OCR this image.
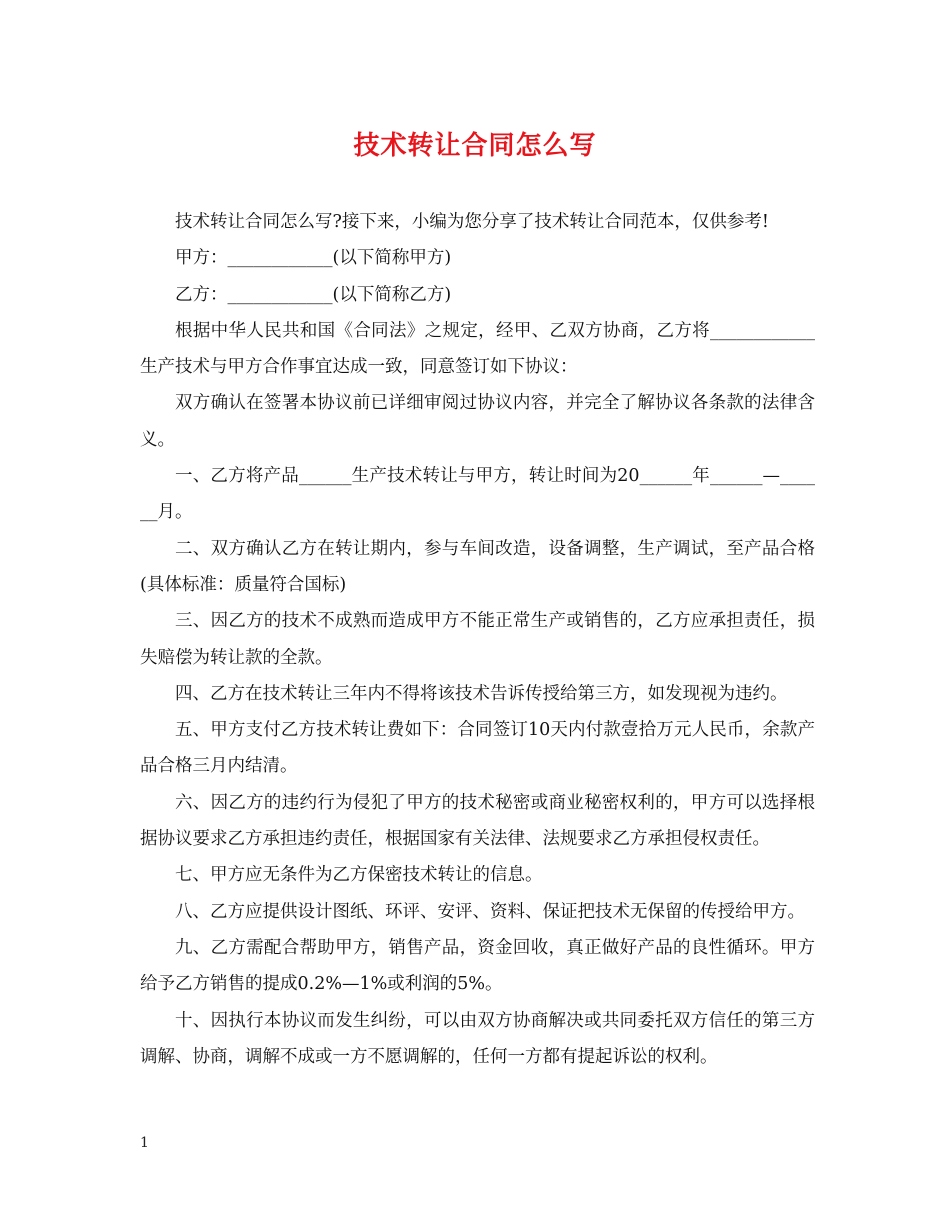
技术转让合同怎么写

技术转让合同怎么写?接下来，小编为您分享了技术转让合同范本，仅供参考!

甲方：____________(以下简称甲方)

乙方：____________(以下简称乙方)

根据中华人民共和国《合同法》之规定，经甲、乙双方协商，乙方将____________生产技术与甲方合作事宜达成一致，同意签订如下协议：

双方确认在签署本协议前已详细审阅过协议内容，并完全了解协议各条款的法律含义。

一、乙方将产品______生产技术转让与甲方，转让时间为20______年______—______月。

二、双方确认乙方在转让期内，参与车间改造，设备调整，生产调试，至产品合格(具体标准：质量符合国标)

三、因乙方的技术不成熟而造成甲方不能正常生产或销售的，乙方应承担责任，损失赔偿为转让款的全款。

四、乙方在技术转让三年内不得将该技术告诉传授给第三方，如发现视为违约。

五、甲方支付乙方技术转让费如下：合同签订10天内付款壹拾万元人民币，余款产品合格三月内结清。

六、因乙方的违约行为侵犯了甲方的技术秘密或商业秘密权利的，甲方可以选择根据协议要求乙方承担违约责任，根据国家有关法律、法规要求乙方承担侵权责任。

七、甲方应无条件为乙方保密技术转让的信息。

八、乙方应提供设计图纸、环评、安评、资料、保证把技术无保留的传授给甲方。

九、乙方需配合帮助甲方，销售产品，资金回收，真正做好产品的良性循环。甲方给予乙方销售的提成0.2%—1%或利润的5%。

十、因执行本协议而发生纠纷，可以由双方协商解决或共同委托双方信任的第三方调解、协商，调解不成或一方不愿调解的，任何一方都有提起诉讼的权利。

1
